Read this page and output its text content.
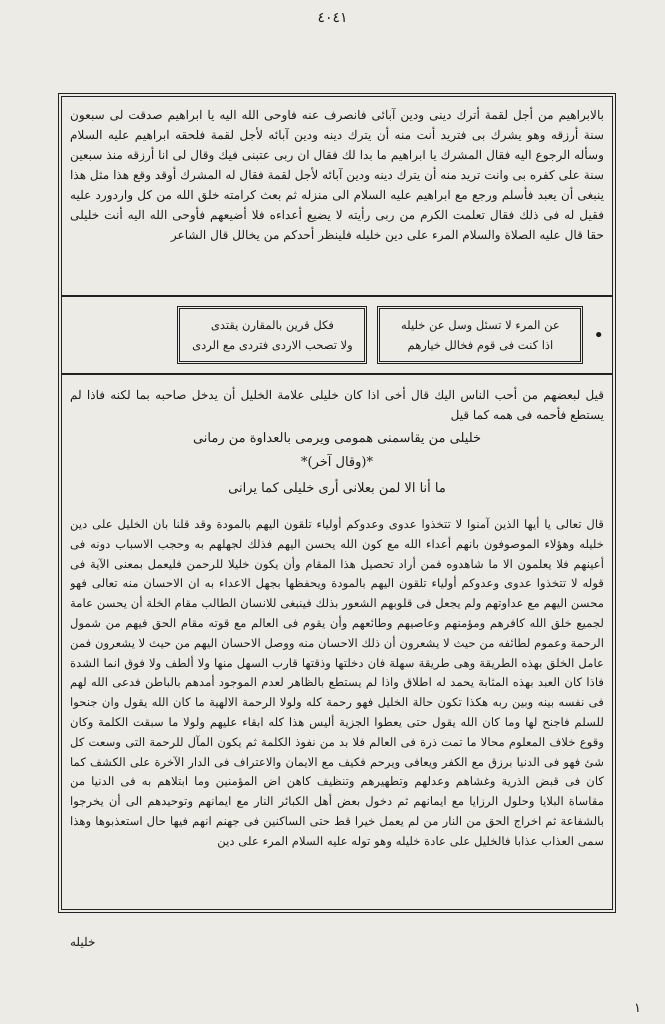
٤٠٤١
بالابراهيم من أجل لقمة أترك دينى ودين آبائى فانصرف عنه فاوحى الله اليه يا ابراهيم صدقت لى سبعون سنة أرزقه وهو يشرك بى فتريد أنت منه أن يترك دينه ودين آبائه لأجل لقمة فلحقه ابراهيم عليه السلام وسأله الرجوع اليه فقال المشرك يا ابراهيم ما بدا لك فقال ان ربى عتبنى فيك وقال لى انا أرزقه منذ سبعين سنة على كفره بى وانت تريد منه أن يترك دينه ودين آبائه لأجل لقمة فقال له المشرك أوقد وقع هذا مثل هذا ينبغى أن يعبد فأسلم ورجع مع ابراهيم عليه السلام الى منزله ثم بعث كرامته خلق الله من كل واردورد عليه فقيل له فى ذلك فقال تعلمت الكرم من ربى رأيته لا يضيع أعداءه فلا أضيعهم فأوحى الله اليه أنت خليلى حقا قال عليه الصلاة والسلام المرء على دين خليله فلينظر أحدكم من يخالل قال الشاعر
•
عن المرء لا تسئل وسل عن خليله
اذا كنت فى قوم فخالل خيارهم
فكل قرين بالمقارن يقتدى
ولا تصحب الاردى فتردى مع الردى
قيل لبعضهم من أحب الناس اليك قال أخى اذا كان خليلى علامة الخليل أن يدخل صاحبه بما لكنه فاذا لم يستطع فأحمه فى همه كما قيل
خليلى من يقاسمنى همومى ويرمى بالعداوة من رمانى
*(وقال آخر)*
ما أنا الا لمن بعلانى أرى خليلى كما يرانى
قال تعالى يا أيها الذين آمنوا لا تتخذوا عدوى وعدوكم أولياء تلقون اليهم بالمودة وقد قلنا بان الخليل على دين خليله وهؤلاء الموصوفون بانهم أعداء الله مع كون الله يحسن اليهم فذلك لجهلهم به وحجب الاسباب دونه فى أعينهم فلا يعلمون الا ما شاهدوه فمن أراد تحصيل هذا المقام وأن يكون خليلا للرحمن فليعمل بمعنى الآية فى قوله لا تتخذوا عدوى وعدوكم أولياء تلقون اليهم بالمودة ويحفظها بجهل الاعداء به ان الاحسان منه تعالى فهو محسن اليهم مع عداوتهم ولم يجعل فى قلوبهم الشعور بذلك فينبغى للانسان الطالب مقام الخلة أن يحسن عامة لجميع خلق الله كافرهم ومؤمنهم وعاصيهم وطائعهم وأن يقوم فى العالم مع قوته مقام الحق فيهم من شمول الرحمة وعموم لطائفه من حيث لا يشعرون أن ذلك الاحسان منه ووصل الاحسان اليهم من حيث لا يشعرون فمن عامل الخلق بهذه الطريقة وهى طريقة سهلة فان دخلتها وذقتها قارب السهل منها ولا ألطف ولا فوق انما الشدة فاذا كان العبد بهذه المثابة يحمد له اطلاق واذا لم يستطع بالظاهر لعدم الموجود أمدهم بالباطن فدعى الله لهم فى نفسه بينه وبين ربه هكذا تكون حالة الخليل فهو رحمة كله ولولا الرحمة الالهية ما كان الله يقول وان جنحوا للسلم فاجنح لها وما كان الله يقول حتى يعطوا الجزية أليس هذا كله ابقاء عليهم ولولا ما سبقت الكلمة وكان وقوع خلاف المعلوم محالا ما تمت ذرة فى العالم فلا بد من نفوذ الكلمة ثم يكون المآل للرحمة التى وسعت كل شئ فهو فى الدنيا برزق مع الكفر ويعافى ويرحم فكيف مع الايمان والاعتراف فى الدار الآخرة على الكشف كما كان فى قبض الذرية وغشاهم وعدلهم وتطهيرهم وتنظيف كاهن اض المؤمنين وما ابتلاهم به فى الدنيا من مقاساة البلايا وحلول الرزايا مع ايمانهم ثم دخول بعض أهل الكبائر النار مع ايمانهم وتوحيدهم الى أن يخرجوا بالشفاعة ثم اخراج الحق من النار من لم يعمل خيرا قط حتى الساكنين فى جهنم انهم فيها حال استعذبوها وهذا سمى العذاب عذابا فالخليل على عادة خليله وهو توله عليه السلام المرء على دين
خليله
١
